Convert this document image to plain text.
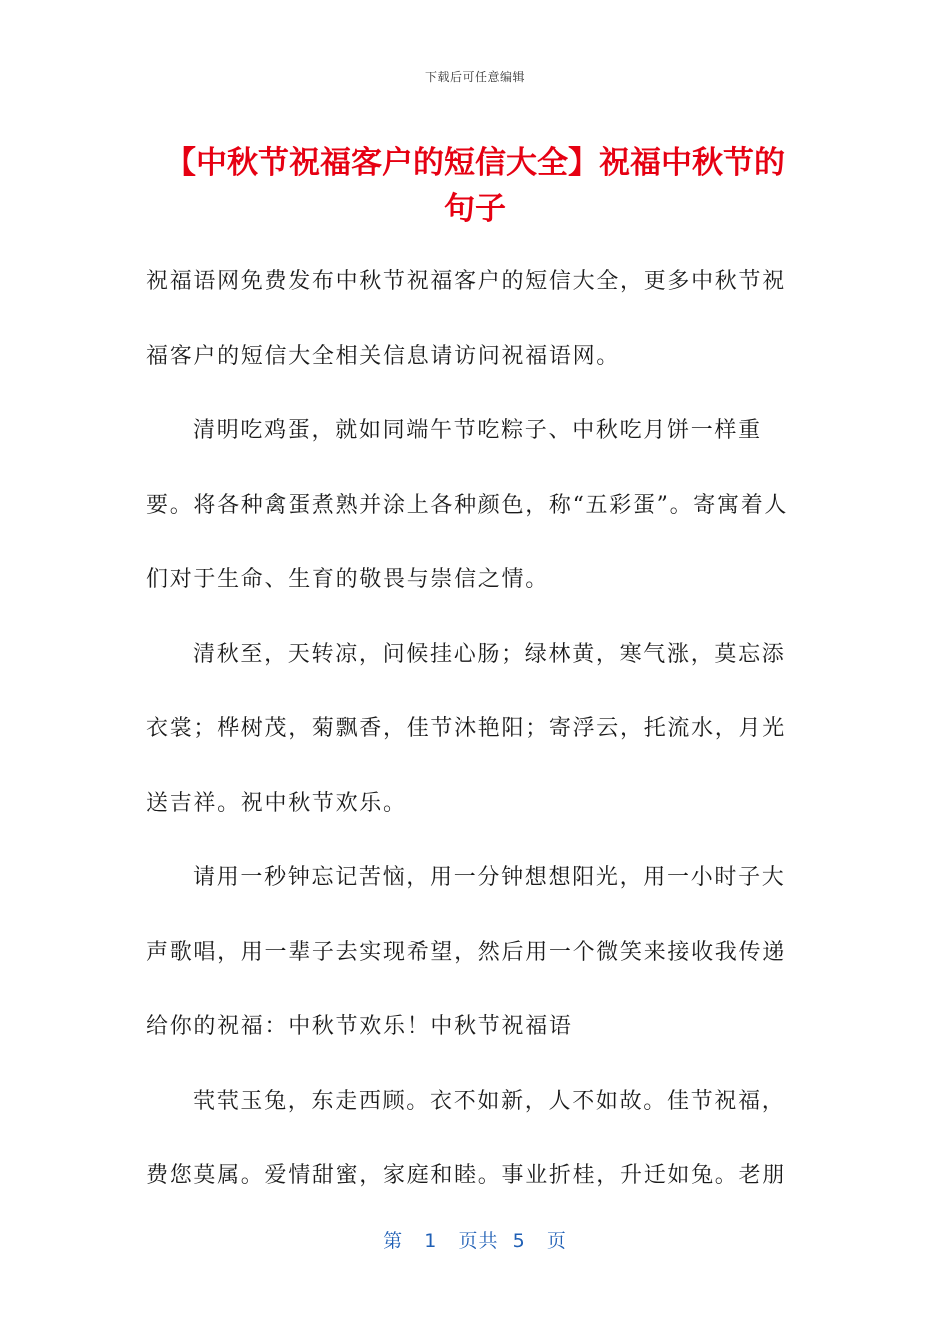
下载后可任意编辑
【中秋节祝福客户的短信大全】祝福中秋节的句子

祝福语网免费发布中秋节祝福客户的短信大全，更多中秋节祝福客户的短信大全相关信息请访问祝福语网。

清明吃鸡蛋，就如同端午节吃粽子、中秋吃月饼一样重要。将各种禽蛋煮熟并涂上各种颜色，称“五彩蛋”。寄寓着人们对于生命、生育的敬畏与崇信之情。

清秋至，天转凉，问候挂心肠；绿林黄，寒气涨，莫忘添衣裳；桦树茂，菊飘香，佳节沐艳阳；寄浮云，托流水，月光送吉祥。祝中秋节欢乐。

请用一秒钟忘记苦恼，用一分钟想想阳光，用一小时子大声歌唱，用一辈子去实现希望，然后用一个微笑来接收我传递给你的祝福：中秋节欢乐！中秋节祝福语

茕茕玉兔，东走西顾。衣不如新，人不如故。佳节祝福，费您莫属。爱情甜蜜，家庭和睦。事业折桂，升迁如兔。老朋

第 1 页共 5 页
